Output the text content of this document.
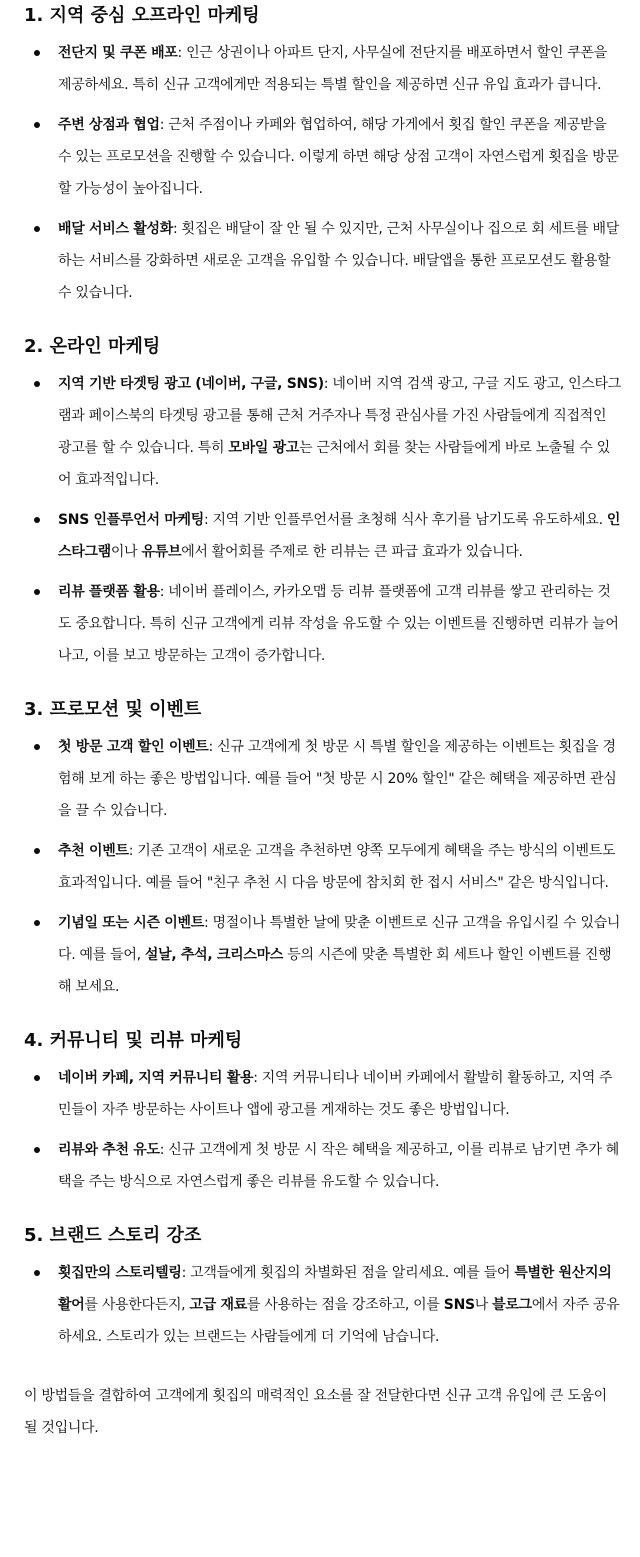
1. 지역 중심 오프라인 마케팅
전단지 및 쿠폰 배포: 인근 상권이나 아파트 단지, 사무실에 전단지를 배포하면서 할인 쿠폰을 제공하세요. 특히 신규 고객에게만 적용되는 특별 할인을 제공하면 신규 유입 효과가 큽니다.
주변 상점과 협업: 근처 주점이나 카페와 협업하여, 해당 가게에서 횟집 할인 쿠폰을 제공받을 수 있는 프로모션을 진행할 수 있습니다. 이렇게 하면 해당 상점 고객이 자연스럽게 횟집을 방문할 가능성이 높아집니다.
배달 서비스 활성화: 횟집은 배달이 잘 안 될 수 있지만, 근처 사무실이나 집으로 회 세트를 배달하는 서비스를 강화하면 새로운 고객을 유입할 수 있습니다. 배달앱을 통한 프로모션도 활용할 수 있습니다.
2. 온라인 마케팅
지역 기반 타겟팅 광고 (네이버, 구글, SNS): 네이버 지역 검색 광고, 구글 지도 광고, 인스타그램과 페이스북의 타겟팅 광고를 통해 근처 거주자나 특정 관심사를 가진 사람들에게 직접적인 광고를 할 수 있습니다. 특히 모바일 광고는 근처에서 회를 찾는 사람들에게 바로 노출될 수 있어 효과적입니다.
SNS 인플루언서 마케팅: 지역 기반 인플루언서를 초청해 식사 후기를 남기도록 유도하세요. 인스타그램이나 유튜브에서 활어회를 주제로 한 리뷰는 큰 파급 효과가 있습니다.
리뷰 플랫폼 활용: 네이버 플레이스, 카카오맵 등 리뷰 플랫폼에 고객 리뷰를 쌓고 관리하는 것도 중요합니다. 특히 신규 고객에게 리뷰 작성을 유도할 수 있는 이벤트를 진행하면 리뷰가 늘어나고, 이를 보고 방문하는 고객이 증가합니다.
3. 프로모션 및 이벤트
첫 방문 고객 할인 이벤트: 신규 고객에게 첫 방문 시 특별 할인을 제공하는 이벤트는 횟집을 경험해 보게 하는 좋은 방법입니다. 예를 들어 "첫 방문 시 20% 할인" 같은 혜택을 제공하면 관심을 끌 수 있습니다.
추천 이벤트: 기존 고객이 새로운 고객을 추천하면 양쪽 모두에게 혜택을 주는 방식의 이벤트도 효과적입니다. 예를 들어 "친구 추천 시 다음 방문에 참치회 한 접시 서비스" 같은 방식입니다.
기념일 또는 시즌 이벤트: 명절이나 특별한 날에 맞춘 이벤트로 신규 고객을 유입시킬 수 있습니다. 예를 들어, 설날, 추석, 크리스마스 등의 시즌에 맞춘 특별한 회 세트나 할인 이벤트를 진행해 보세요.
4. 커뮤니티 및 리뷰 마케팅
네이버 카페, 지역 커뮤니티 활용: 지역 커뮤니티나 네이버 카페에서 활발히 활동하고, 지역 주민들이 자주 방문하는 사이트나 앱에 광고를 게재하는 것도 좋은 방법입니다.
리뷰와 추천 유도: 신규 고객에게 첫 방문 시 작은 혜택을 제공하고, 이를 리뷰로 남기면 추가 혜택을 주는 방식으로 자연스럽게 좋은 리뷰를 유도할 수 있습니다.
5. 브랜드 스토리 강조
횟집만의 스토리텔링: 고객들에게 횟집의 차별화된 점을 알리세요. 예를 들어 특별한 원산지의 활어를 사용한다든지, 고급 재료를 사용하는 점을 강조하고, 이를 SNS나 블로그에서 자주 공유하세요. 스토리가 있는 브랜드는 사람들에게 더 기억에 남습니다.

이 방법들을 결합하여 고객에게 횟집의 매력적인 요소를 잘 전달한다면 신규 고객 유입에 큰 도움이 될 것입니다.
